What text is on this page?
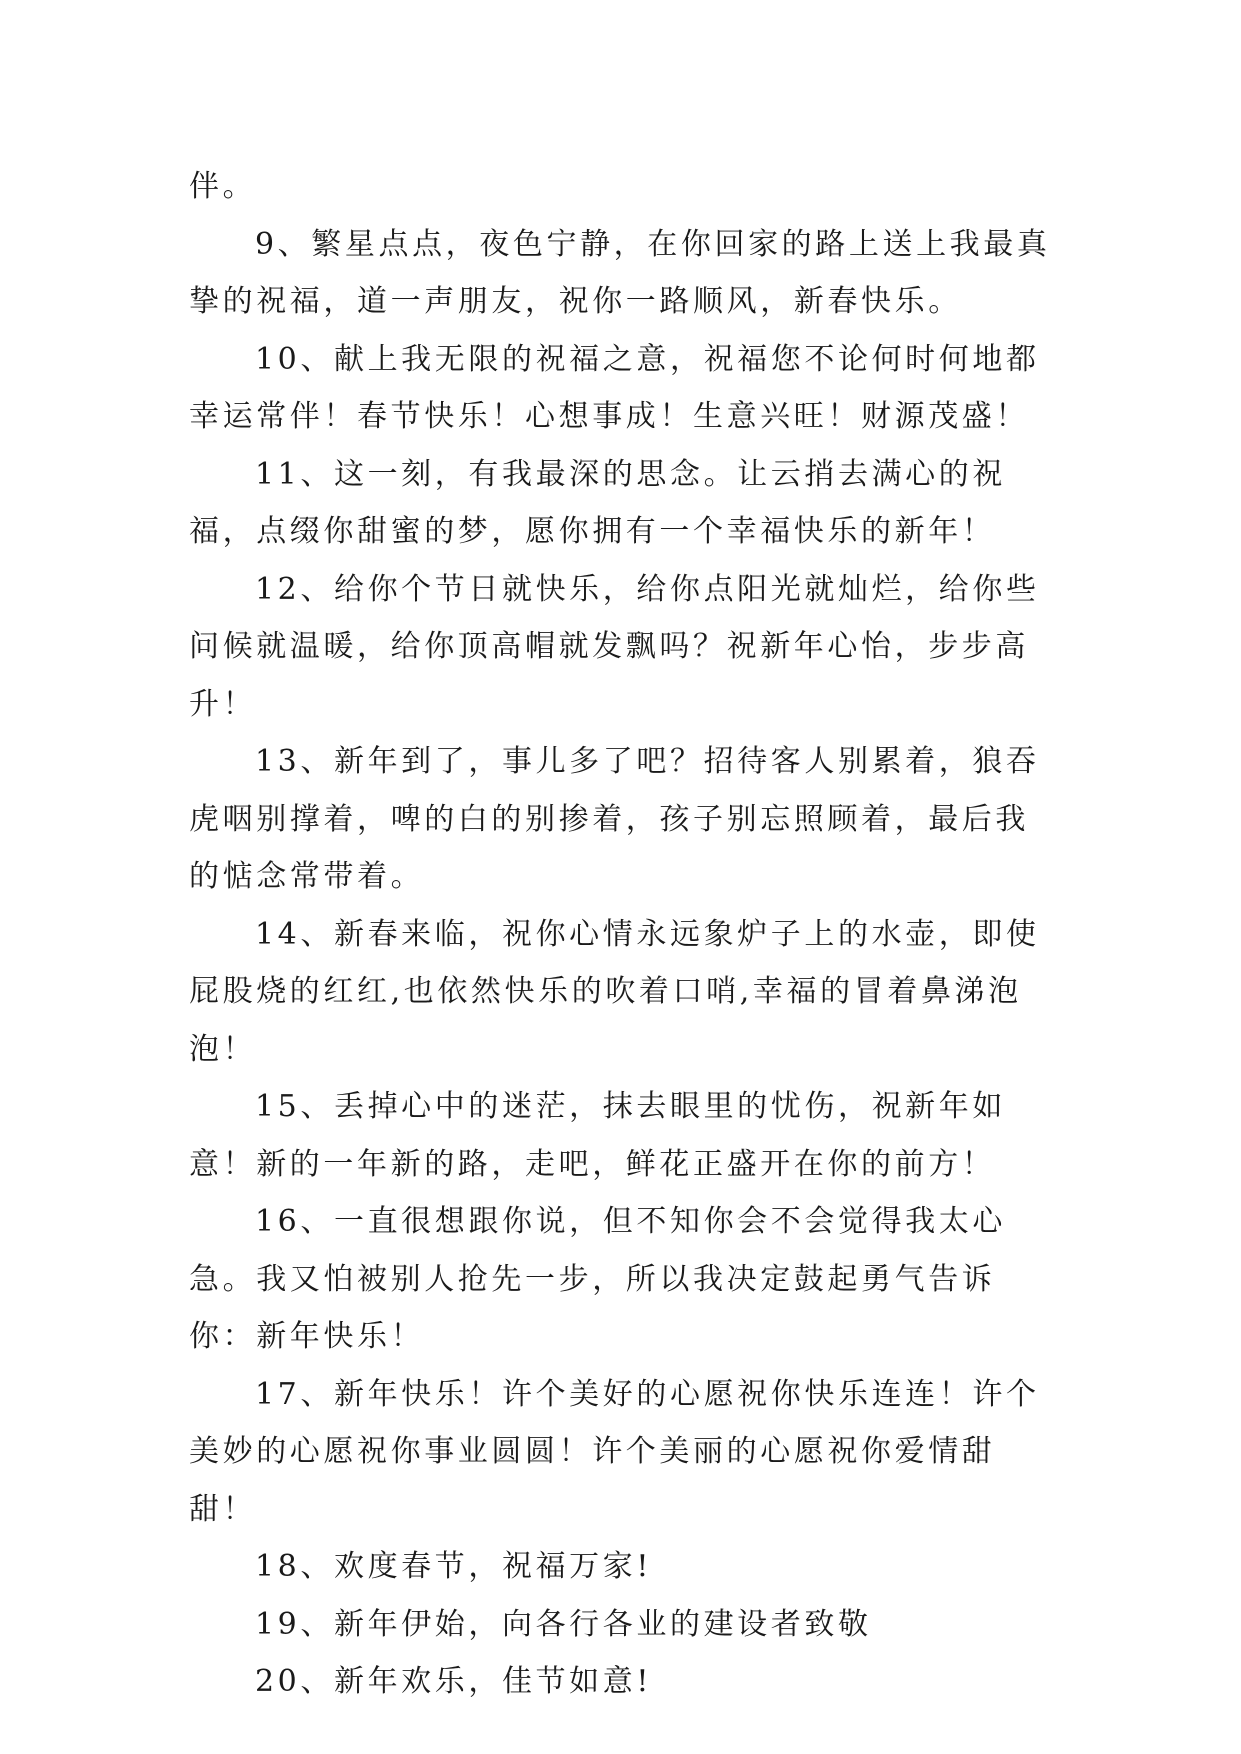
伴。

9、繁星点点，夜色宁静，在你回家的路上送上我最真挚的祝福，道一声朋友，祝你一路顺风，新春快乐。

10、献上我无限的祝福之意，祝福您不论何时何地都幸运常伴！春节快乐！心想事成！生意兴旺！财源茂盛！

11、这一刻，有我最深的思念。让云捎去满心的祝福，点缀你甜蜜的梦，愿你拥有一个幸福快乐的新年！

12、给你个节日就快乐，给你点阳光就灿烂，给你些问候就温暖，给你顶高帽就发飘吗？祝新年心怡，步步高升！

13、新年到了，事儿多了吧？招待客人别累着，狼吞虎咽别撑着，啤的白的别掺着，孩子别忘照顾着，最后我的惦念常带着。

14、新春来临，祝你心情永远象炉子上的水壶，即使屁股烧的红红,也依然快乐的吹着口哨,幸福的冒着鼻涕泡泡！

15、丢掉心中的迷茫，抹去眼里的忧伤，祝新年如意！新的一年新的路，走吧，鲜花正盛开在你的前方！

16、一直很想跟你说，但不知你会不会觉得我太心急。我又怕被别人抢先一步，所以我决定鼓起勇气告诉你：新年快乐！

17、新年快乐！许个美好的心愿祝你快乐连连！许个美妙的心愿祝你事业圆圆！许个美丽的心愿祝你爱情甜甜！

18、欢度春节，祝福万家!

19、新年伊始，向各行各业的建设者致敬

20、新年欢乐，佳节如意!
